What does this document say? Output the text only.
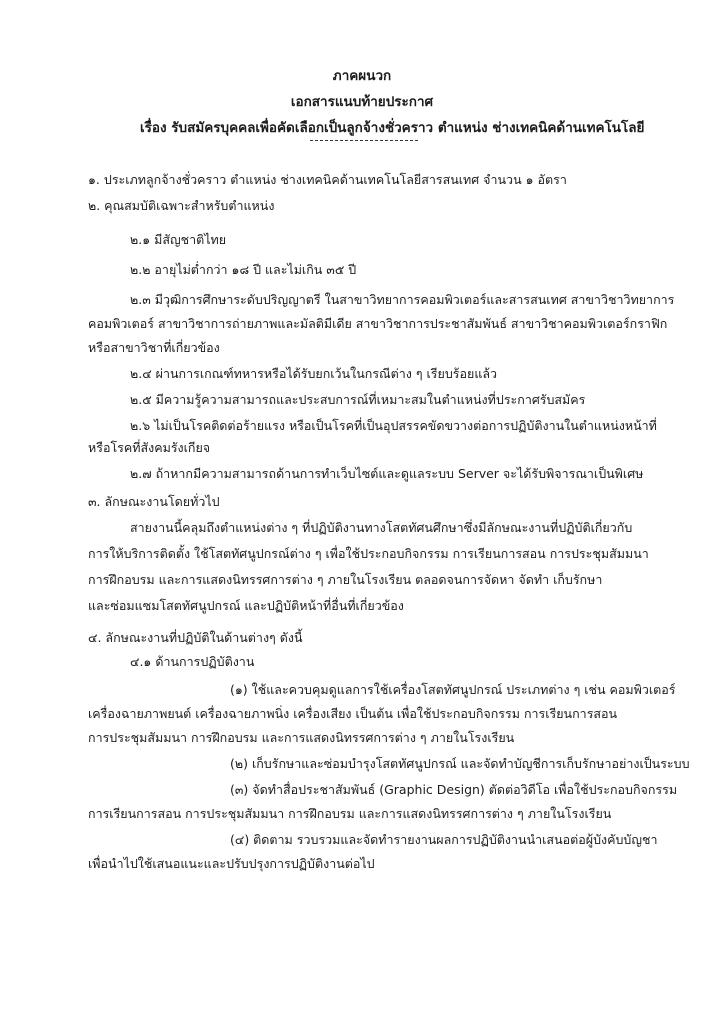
ภาคผนวก
เอกสารแนบท้ายประกาศ
เรื่อง รับสมัครบุคคลเพื่อคัดเลือกเป็นลูกจ้างชั่วคราว ตำแหน่ง ช่างเทคนิคด้านเทคโนโลยี
๑. ประเภทลูกจ้างชั่วคราว ตำแหน่ง ช่างเทคนิคด้านเทคโนโลยีสารสนเทศ จำนวน ๑ อัตรา
๒. คุณสมบัติเฉพาะสำหรับตำแหน่ง
๒.๑ มีสัญชาติไทย
๒.๒ อายุไม่ต่ำกว่า ๑๘ ปี และไม่เกิน ๓๕ ปี
๒.๓ มีวุฒิการศึกษาระดับปริญญาตรี ในสาขาวิทยาการคอมพิวเตอร์และสารสนเทศ สาขาวิชาวิทยาการ
คอมพิวเตอร์ สาขาวิชาการถ่ายภาพและมัลติมีเดีย สาขาวิชาการประชาสัมพันธ์ สาขาวิชาคอมพิวเตอร์กราฟิก
หรือสาขาวิชาที่เกี่ยวข้อง
๒.๔ ผ่านการเกณฑ์ทหารหรือได้รับยกเว้นในกรณีต่าง ๆ เรียบร้อยแล้ว
๒.๕ มีความรู้ความสามารถและประสบการณ์ที่เหมาะสมในตำแหน่งที่ประกาศรับสมัคร
๒.๖ ไม่เป็นโรคติดต่อร้ายแรง หรือเป็นโรคที่เป็นอุปสรรคขัดขวางต่อการปฏิบัติงานในตำแหน่งหน้าที่
หรือโรคที่สังคมรังเกียจ
๒.๗ ถ้าหากมีความสามารถด้านการทำเว็บไซต์และดูแลระบบ Server จะได้รับพิจารณาเป็นพิเศษ
๓. ลักษณะงานโดยทั่วไป
สายงานนี้คลุมถึงตำแหน่งต่าง ๆ ที่ปฏิบัติงานทางโสตทัศนศึกษาซึ่งมีลักษณะงานที่ปฏิบัติเกี่ยวกับ
การให้บริการติดตั้ง ใช้โสตทัศนูปกรณ์ต่าง ๆ เพื่อใช้ประกอบกิจกรรม การเรียนการสอน การประชุมสัมมนา
การฝึกอบรม และการแสดงนิทรรศการต่าง ๆ ภายในโรงเรียน ตลอดจนการจัดหา จัดทำ เก็บรักษา
และซ่อมแซมโสตทัศนูปกรณ์ และปฏิบัติหน้าที่อื่นที่เกี่ยวข้อง
๔. ลักษณะงานที่ปฏิบัติในด้านต่างๆ ดังนี้
๔.๑ ด้านการปฏิบัติงาน
(๑) ใช้และควบคุมดูแลการใช้เครื่องโสตทัศนูปกรณ์ ประเภทต่าง ๆ เช่น คอมพิวเตอร์
เครื่องฉายภาพยนต์ เครื่องฉายภาพนิ่ง เครื่องเสียง เป็นต้น เพื่อใช้ประกอบกิจกรรม การเรียนการสอน
การประชุมสัมมนา การฝึกอบรม และการแสดงนิทรรศการต่าง ๆ ภายในโรงเรียน
(๒) เก็บรักษาและซ่อมบำรุงโสตทัศนูปกรณ์ และจัดทำบัญชีการเก็บรักษาอย่างเป็นระบบ
(๓) จัดทำสื่อประชาสัมพันธ์ (Graphic Design) ตัดต่อวิดีโอ เพื่อใช้ประกอบกิจกรรม
การเรียนการสอน การประชุมสัมมนา การฝึกอบรม และการแสดงนิทรรศการต่าง ๆ ภายในโรงเรียน
(๔) ติดตาม รวบรวมและจัดทำรายงานผลการปฏิบัติงานนำเสนอต่อผู้บังคับบัญชา
เพื่อนำไปใช้เสนอแนะและปรับปรุงการปฏิบัติงานต่อไป
